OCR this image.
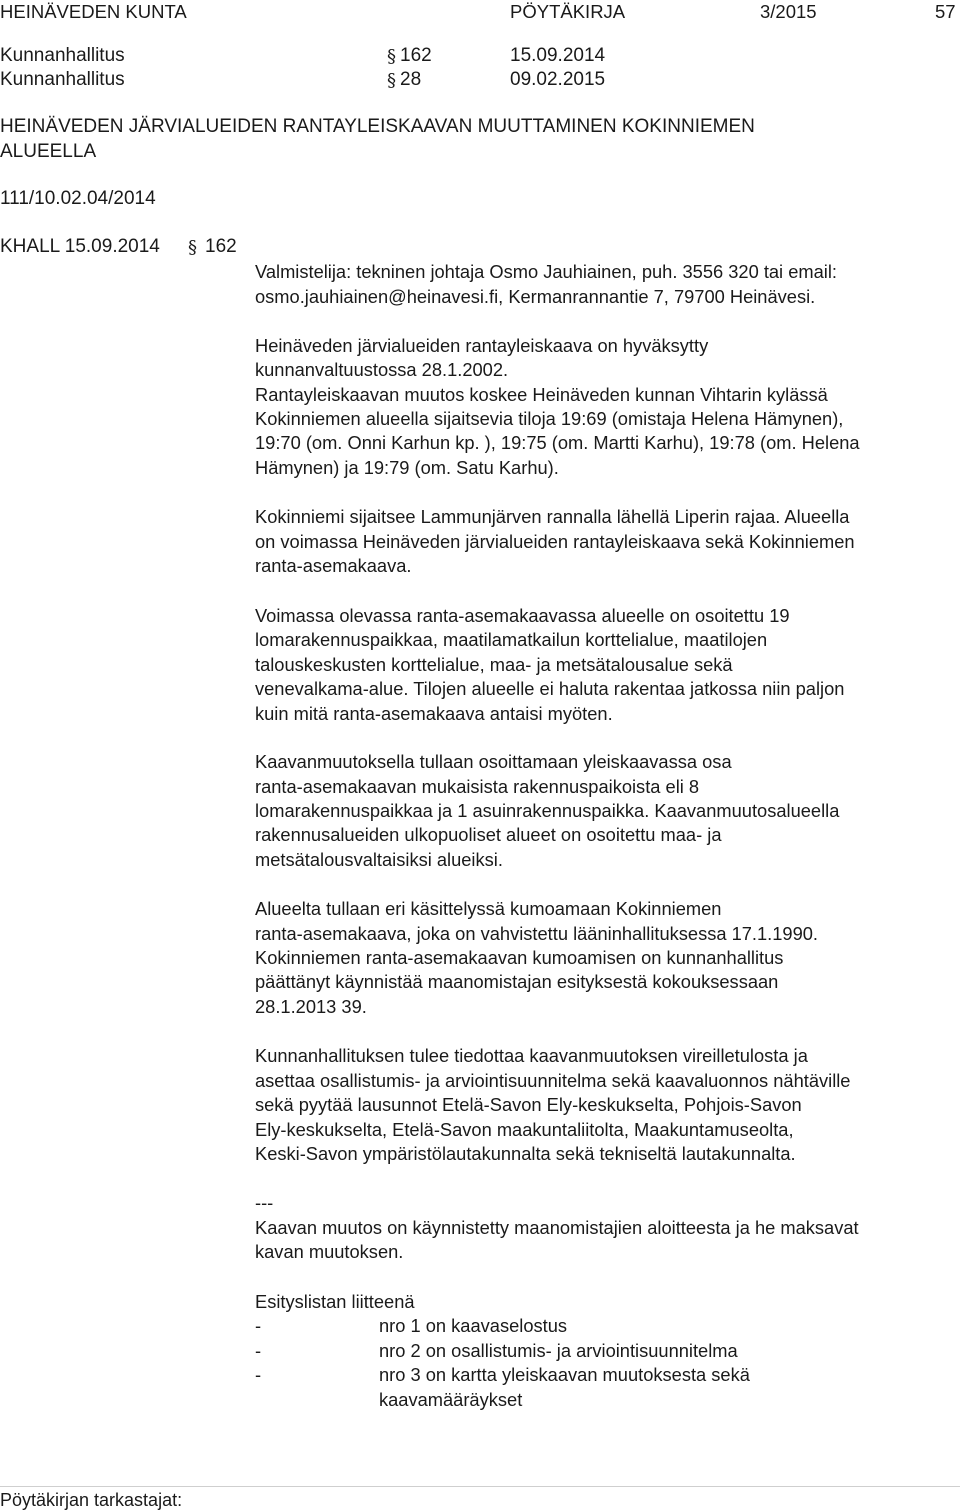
HEINÄVEDEN KUNTA	PÖYTÄKIRJA	3/2015	57
Kunnanhallitus	§ 162	15.09.2014
Kunnanhallitus	§ 28	09.02.2015
HEINÄVEDEN JÄRVIALUEIDEN RANTAYLEISKAAVAN MUUTTAMINEN KOKINNIEMEN
ALUEELLA
111/10.02.04/2014
KHALL 15.09.2014 § 162
Valmistelija: tekninen johtaja Osmo Jauhiainen, puh. 3556 320 tai email:
osmo.jauhiainen@heinavesi.fi, Kermanrannantie 7, 79700 Heinävesi.
Heinäveden järvialueiden rantayleiskaava on hyväksytty
kunnanvaltuustossa 28.1.2002.
Rantayleiskaavan muutos koskee Heinäveden kunnan Vihtarin kylässä
Kokinniemen alueella sijaitsevia tiloja 19:69 (omistaja Helena Hämynen),
19:70 (om. Onni Karhun kp. ), 19:75 (om. Martti Karhu), 19:78 (om. Helena
Hämynen) ja 19:79 (om. Satu Karhu).
Kokinniemi sijaitsee Lammunjärven rannalla lähellä Liperin rajaa. Alueella
on voimassa Heinäveden järvialueiden rantayleiskaava sekä Kokinniemen
ranta-asemakaava.
Voimassa olevassa ranta-asemakaavassa alueelle on osoitettu 19
lomarakennuspaikkaa, maatilamatkailun korttelialue, maatilojen
talouskeskusten korttelialue, maa- ja metsätalousalue sekä
venevalkama-alue. Tilojen alueelle ei haluta rakentaa jatkossa niin paljon
kuin mitä ranta-asemakaava antaisi myöten.
Kaavanmuutoksella tullaan osoittamaan yleiskaavassa osa
ranta-asemakaavan mukaisista rakennuspaikoista eli 8
lomarakennuspaikkaa ja 1 asuinrakennuspaikka. Kaavanmuutosalueella
rakennusalueiden ulkopuoliset alueet on osoitettu maa- ja
metsätalousvaltaisiksi alueiksi.
Alueelta tullaan eri käsittelyssä kumoamaan Kokinniemen
ranta-asemakaava, joka on vahvistettu lääninhallituksessa 17.1.1990.
Kokinniemen ranta-asemakaavan kumoamisen on kunnanhallitus
päättänyt käynnistää maanomistajan esityksestä kokouksessaan
28.1.2013 39.
Kunnanhallituksen tulee tiedottaa kaavanmuutoksen vireilletulosta ja
asettaa osallistumis- ja arviointisuunnitelma sekä kaavaluonnos nähtäville
sekä pyytää lausunnot Etelä-Savon Ely-keskukselta, Pohjois-Savon
Ely-keskukselta, Etelä-Savon maakuntaliitolta, Maakuntamuseolta,
Keski-Savon ympäristölautakunnalta sekä tekniseltä lautakunnalta.
---
Kaavan muutos on käynnistetty maanomistajien aloitteesta ja he maksavat
kavan muutoksen.
Esityslistan liitteenä
-	nro 1 on kaavaselostus
-	nro 2 on osallistumis- ja arviointisuunnitelma
-	nro 3 on kartta yleiskaavan muutoksesta sekä
kaavamääräykset
Pöytäkirjan tarkastajat:
